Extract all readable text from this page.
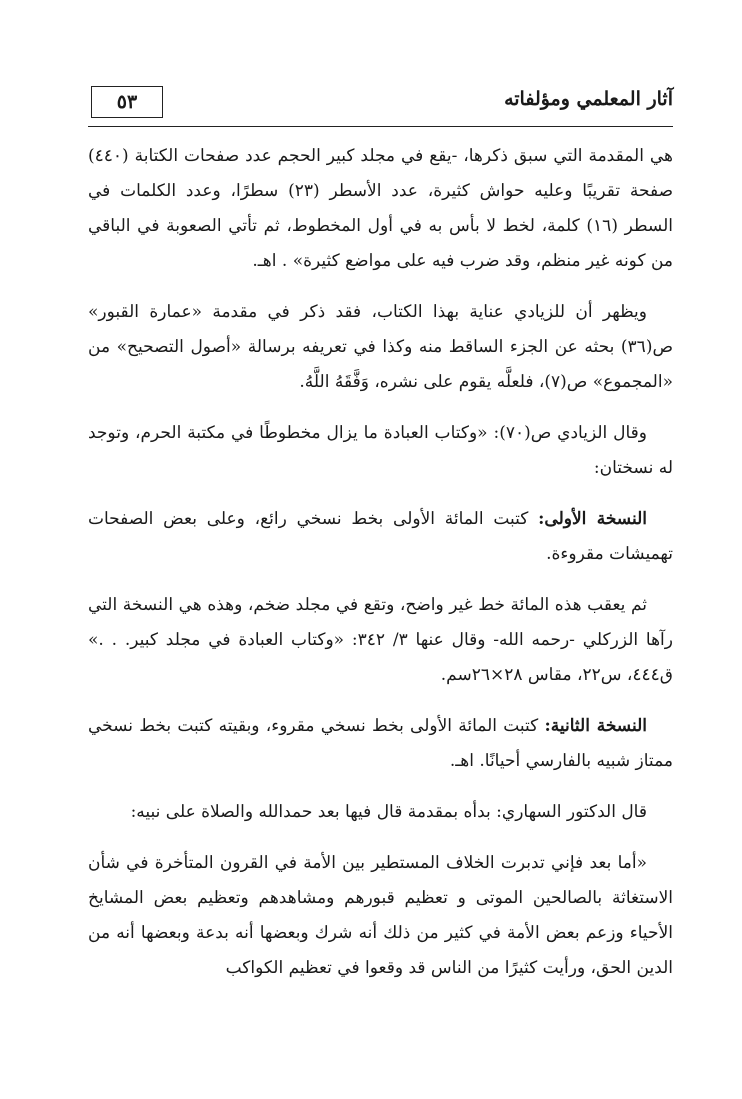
آثار المعلمي ومؤلفاته
٥٣

هي المقدمة التي سبق ذكرها، -يقع في مجلد كبير الحجم عدد صفحات الكتابة (٤٤٠) صفحة تقريبًا وعليه حواش كثيرة، عدد الأسطر (٢٣) سطرًا، وعدد الكلمات في السطر (١٦) كلمة، لخط لا بأس به في أول المخطوط، ثم تأتي الصعوبة في الباقي من كونه غير منظم، وقد ضرب فيه على مواضع كثيرة» . اهـ.

ويظهر أن للزيادي عناية بهذا الكتاب، فقد ذكر في مقدمة «عمارة القبور» ص(٣٦) بحثه عن الجزء الساقط منه وكذا في تعريفه برسالة «أصول التصحيح» من «المجموع» ص(٧)، فلعلَّه يقوم على نشره، وَفَّقَهُ اللَّهُ.

وقال الزيادي ص(٧٠): «وكتاب العبادة ما يزال مخطوطًا في مكتبة الحرم، وتوجد له نسختان:

النسخة الأولى: كتبت المائة الأولى بخط نسخي رائع، وعلى بعض الصفحات تهميشات مقروءة.

ثم يعقب هذه المائة خط غير واضح، وتقع في مجلد ضخم، وهذه هي النسخة التي رآها الزركلي -رحمه الله- وقال عنها ٣/ ٣٤٢: «وكتاب العبادة في مجلد كبير. . .» ق٤٤٤، س٢٢، مقاس ٢٨×٢٦سم.

النسخة الثانية: كتبت المائة الأولى بخط نسخي مقروء، وبقيته كتبت بخط نسخي ممتاز شبيه بالفارسي أحيانًا. اهـ.

قال الدكتور السهاري: بدأه بمقدمة قال فيها بعد حمدالله والصلاة على نبيه:

«أما بعد فإني تدبرت الخلاف المستطير بين الأمة في القرون المتأخرة في شأن الاستغاثة بالصالحين الموتى و تعظيم قبورهم ومشاهدهم وتعظيم بعض المشايخ الأحياء وزعم بعض الأمة في كثير من ذلك أنه شرك وبعضها أنه بدعة وبعضها أنه من الدين الحق، ورأيت كثيرًا من الناس قد وقعوا في تعظيم الكواكب
